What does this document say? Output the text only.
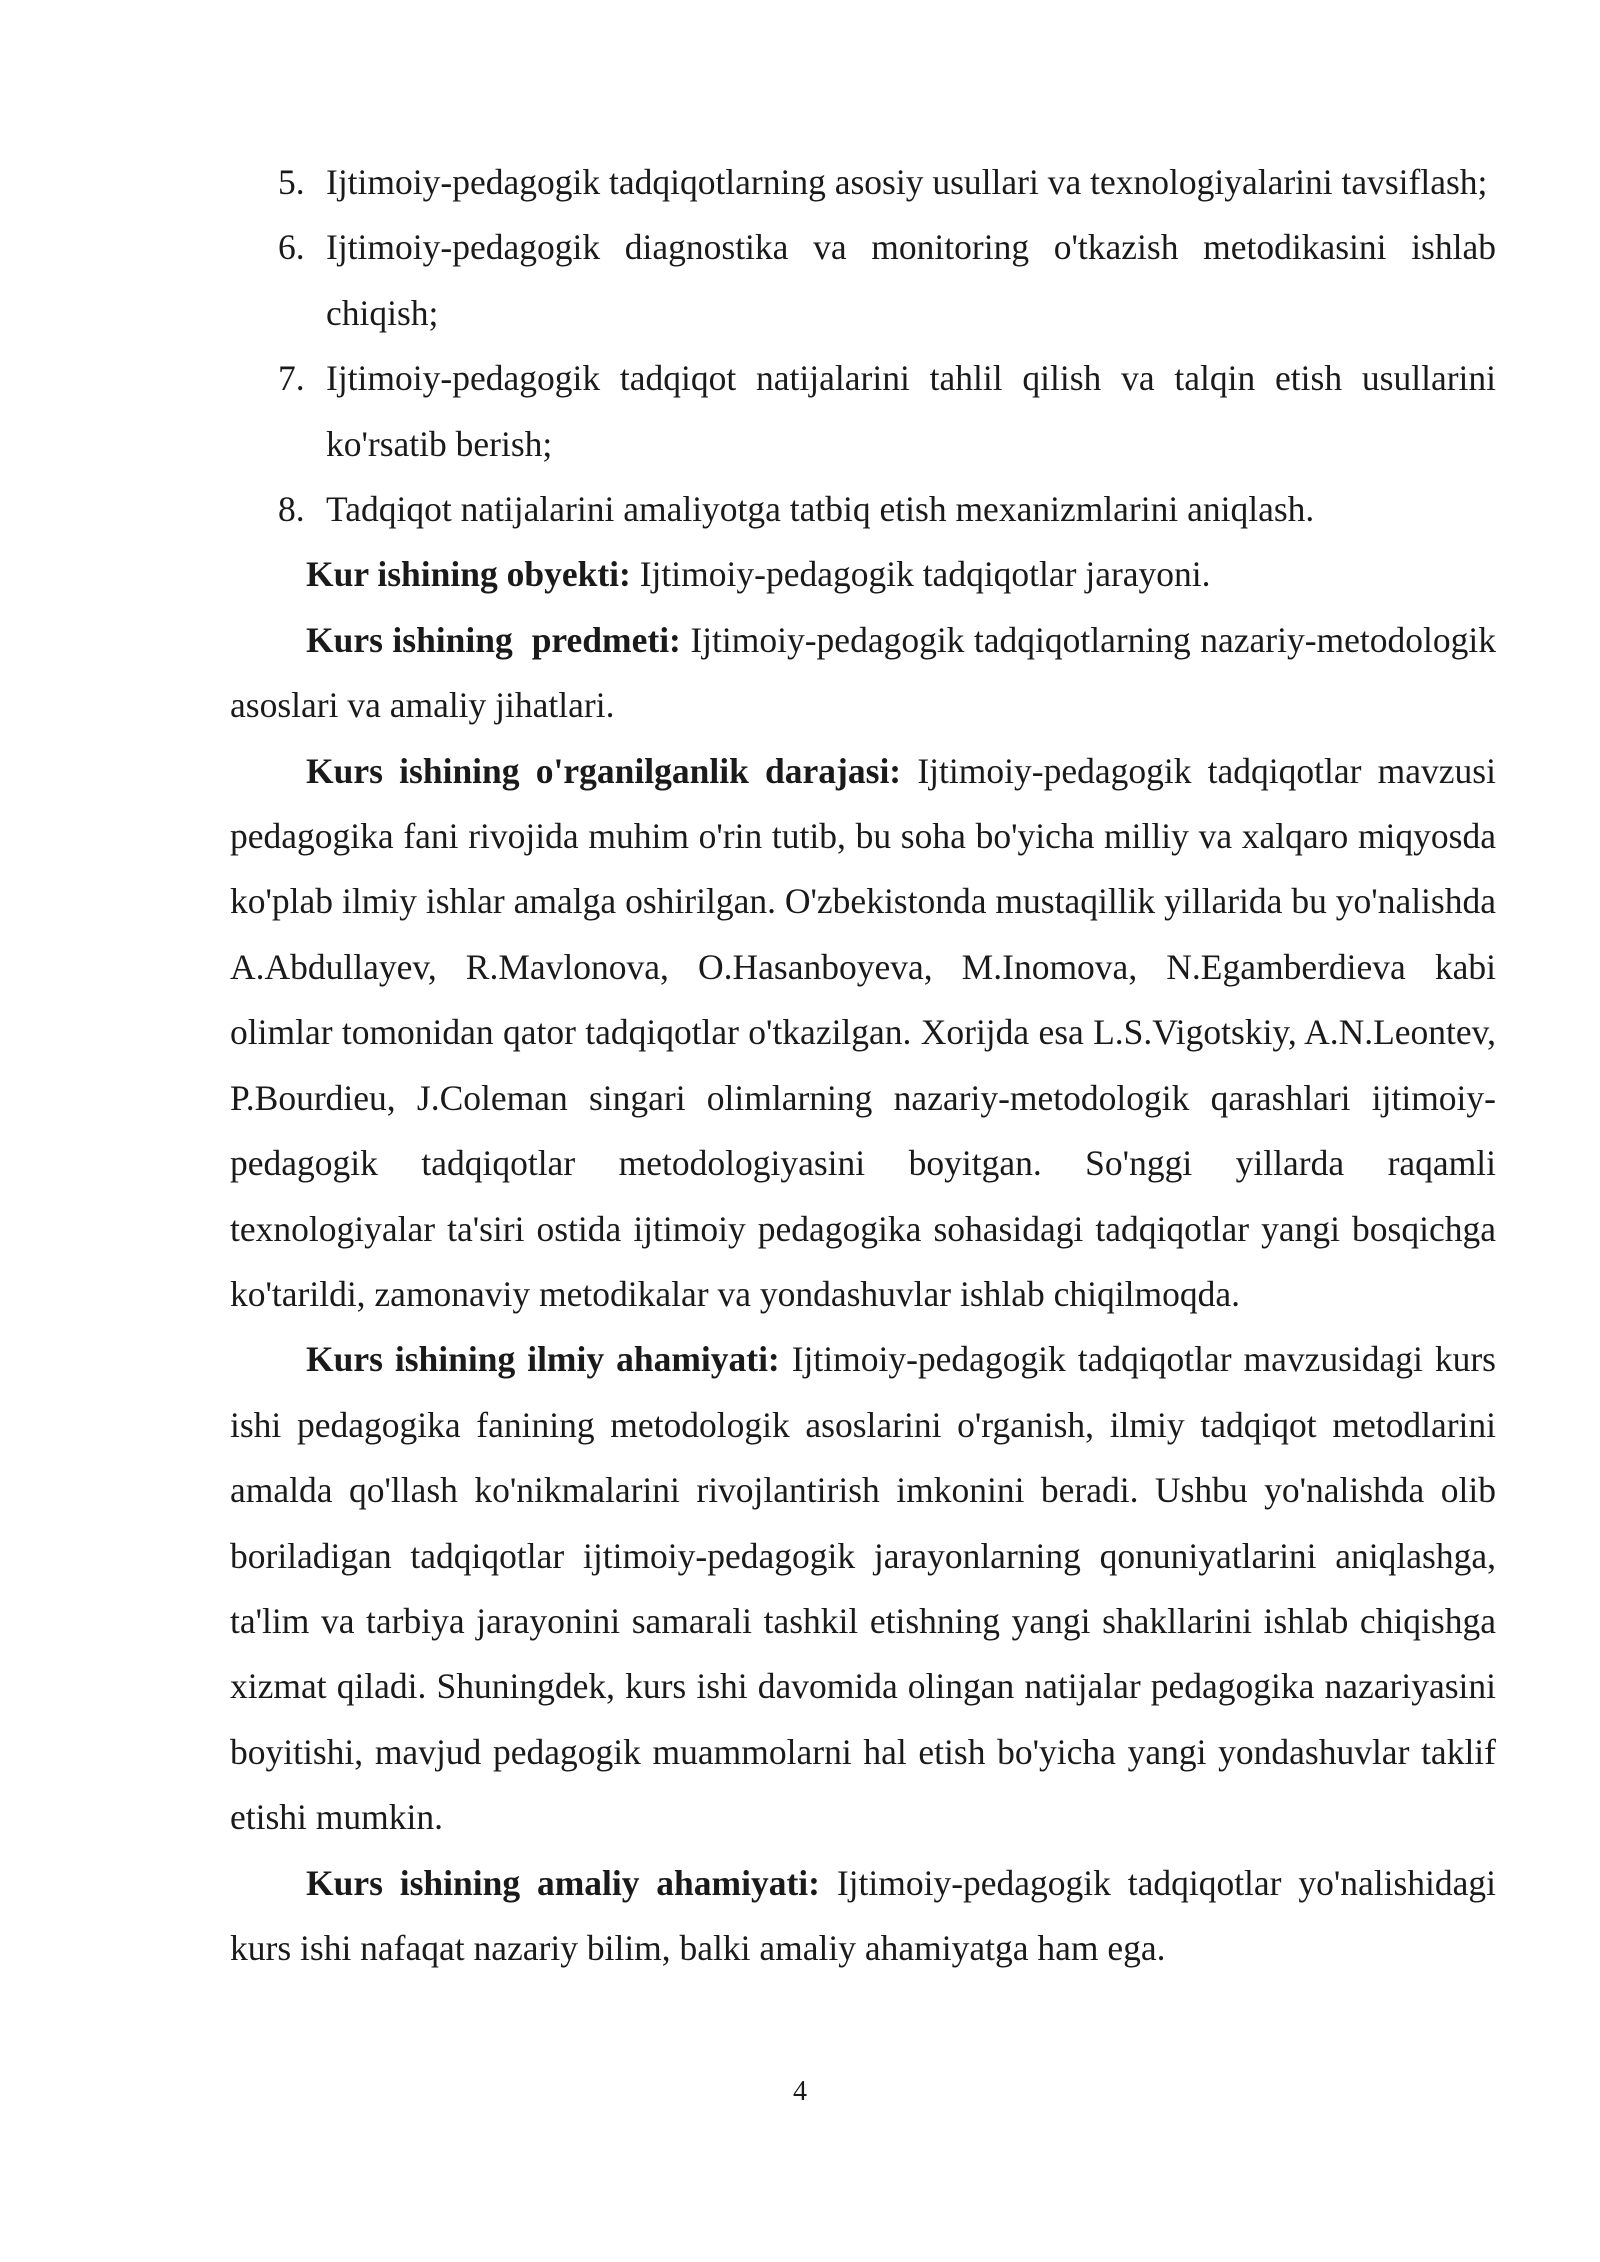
5. Ijtimoiy-pedagogik tadqiqotlarning asosiy usullari va texnologiyalarini tavsiflash;
6. Ijtimoiy-pedagogik diagnostika va monitoring o'tkazish metodikasini ishlab chiqish;
7. Ijtimoiy-pedagogik tadqiqot natijalarini tahlil qilish va talqin etish usullarini ko'rsatib berish;
8. Tadqiqot natijalarini amaliyotga tatbiq etish mexanizmlarini aniqlash.

Kur ishining obyekti: Ijtimoiy-pedagogik tadqiqotlar jarayoni.

Kurs ishining  predmeti: Ijtimoiy-pedagogik tadqiqotlarning nazariy-metodologik asoslari va amaliy jihatlari.

Kurs ishining o'rganilganlik darajasi: Ijtimoiy-pedagogik tadqiqotlar mavzusi pedagogika fani rivojida muhim o'rin tutib, bu soha bo'yicha milliy va xalqaro miqyosda ko'plab ilmiy ishlar amalga oshirilgan. O'zbekistonda mustaqillik yillarida bu yo'nalishda A.Abdullayev, R.Mavlonova, O.Hasanboyeva, M.Inomova, N.Egamberdieva kabi olimlar tomonidan qator tadqiqotlar o'tkazilgan. Xorijda esa L.S.Vigotskiy, A.N.Leontev, P.Bourdieu, J.Coleman singari olimlarning nazariy-metodologik qarashlari ijtimoiy-pedagogik tadqiqotlar metodologiyasini boyitgan. So'nggi yillarda raqamli texnologiyalar ta'siri ostida ijtimoiy pedagogika sohasidagi tadqiqotlar yangi bosqichga ko'tarildi, zamonaviy metodikalar va yondashuvlar ishlab chiqilmoqda.

Kurs ishining ilmiy ahamiyati: Ijtimoiy-pedagogik tadqiqotlar mavzusidagi kurs ishi pedagogika fanining metodologik asoslarini o'rganish, ilmiy tadqiqot metodlarini amalda qo'llash ko'nikmalarini rivojlantirish imkonini beradi. Ushbu yo'nalishda olib boriladigan tadqiqotlar ijtimoiy-pedagogik jarayonlarning qonuniyatlarini aniqlashga, ta'lim va tarbiya jarayonini samarali tashkil etishning yangi shakllarini ishlab chiqishga xizmat qiladi. Shuningdek, kurs ishi davomida olingan natijalar pedagogika nazariyasini boyitishi, mavjud pedagogik muammolarni hal etish bo'yicha yangi yondashuvlar taklif etishi mumkin.

Kurs ishining amaliy ahamiyati: Ijtimoiy-pedagogik tadqiqotlar yo'nalishidagi kurs ishi nafaqat nazariy bilim, balki amaliy ahamiyatga ham ega.

4
